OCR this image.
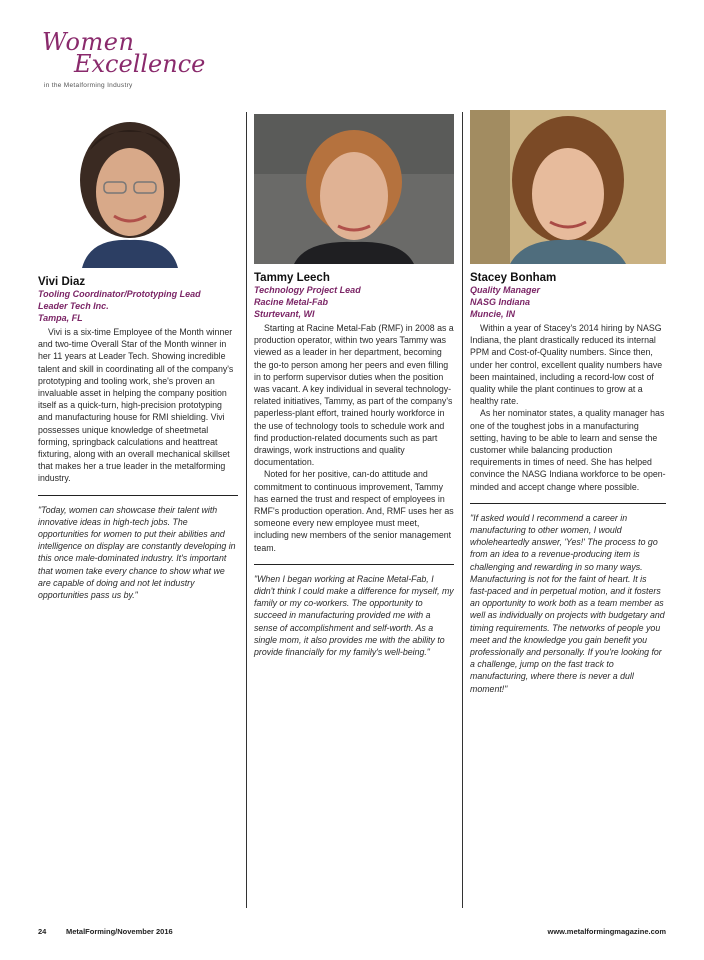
Women
Excellence
in the Metalforming Industry
Vivi Diaz
Tooling Coordinator/Prototyping Lead
Leader Tech Inc.
Tampa, FL

Vivi is a six-time Employee of the Month winner and two-time Overall Star of the Month winner in her 11 years at Leader Tech. Showing incredible talent and skill in coordinating all of the company's prototyping and tooling work, she's proven an invaluable asset in helping the company position itself as a quick-turn, high-precision prototyping and manufacturing house for RMI shielding. Vivi possesses unique knowledge of sheetmetal forming, springback calculations and heattreat fixturing, along with an overall mechanical skillset that makes her a true leader in the metalforming industry.

"Today, women can showcase their talent with innovative ideas in high-tech jobs. The opportunities for women to put their abilities and intelligence on display are constantly developing in this once male-dominated industry. It's important that women take every chance to show what we are capable of doing and not let industry opportunities pass us by."
Tammy Leech
Technology Project Lead
Racine Metal-Fab
Sturtevant, WI

Starting at Racine Metal-Fab (RMF) in 2008 as a production operator, within two years Tammy was viewed as a leader in her department, becoming the go-to person among her peers and even filling in to perform supervisor duties when the position was vacant. A key individual in several technology-related initiatives, Tammy, as part of the company's paperless-plant effort, trained hourly workforce in the use of technology tools to schedule work and find production-related documents such as part drawings, work instructions and quality documentation.

Noted for her positive, can-do attitude and commitment to continuous improvement, Tammy has earned the trust and respect of employees in RMF's production operation. And, RMF uses her as someone every new employee must meet, including new members of the senior management team.

"When I began working at Racine Metal-Fab, I didn't think I could make a difference for myself, my family or my co-workers. The opportunity to succeed in manufacturing provided me with a sense of accomplishment and self-worth. As a single mom, it also provides me with the ability to provide financially for my family's well-being."
Stacey Bonham
Quality Manager
NASG Indiana
Muncie, IN

Within a year of Stacey's 2014 hiring by NASG Indiana, the plant drastically reduced its internal PPM and Cost-of-Quality numbers. Since then, under her control, excellent quality numbers have been maintained, including a record-low cost of quality while the plant continues to grow at a healthy rate.

As her nominator states, a quality manager has one of the toughest jobs in a manufacturing setting, having to be able to learn and sense the customer while balancing production requirements in times of need. She has helped convince the NASG Indiana workforce to be open-minded and accept change where possible.

"If asked would I recommend a career in manufacturing to other women, I would wholeheartedly answer, 'Yes!' The process to go from an idea to a revenue-producing item is challenging and rewarding in so many ways. Manufacturing is not for the faint of heart. It is fast-paced and in perpetual motion, and it fosters an opportunity to work both as a team member as well as individually on projects with budgetary and timing requirements. The networks of people you meet and the knowledge you gain benefit you professionally and personally. If you're looking for a challenge, jump on the fast track to manufacturing, where there is never a dull moment!"
24	MetalForming/November 2016	www.metalformingmagazine.com
